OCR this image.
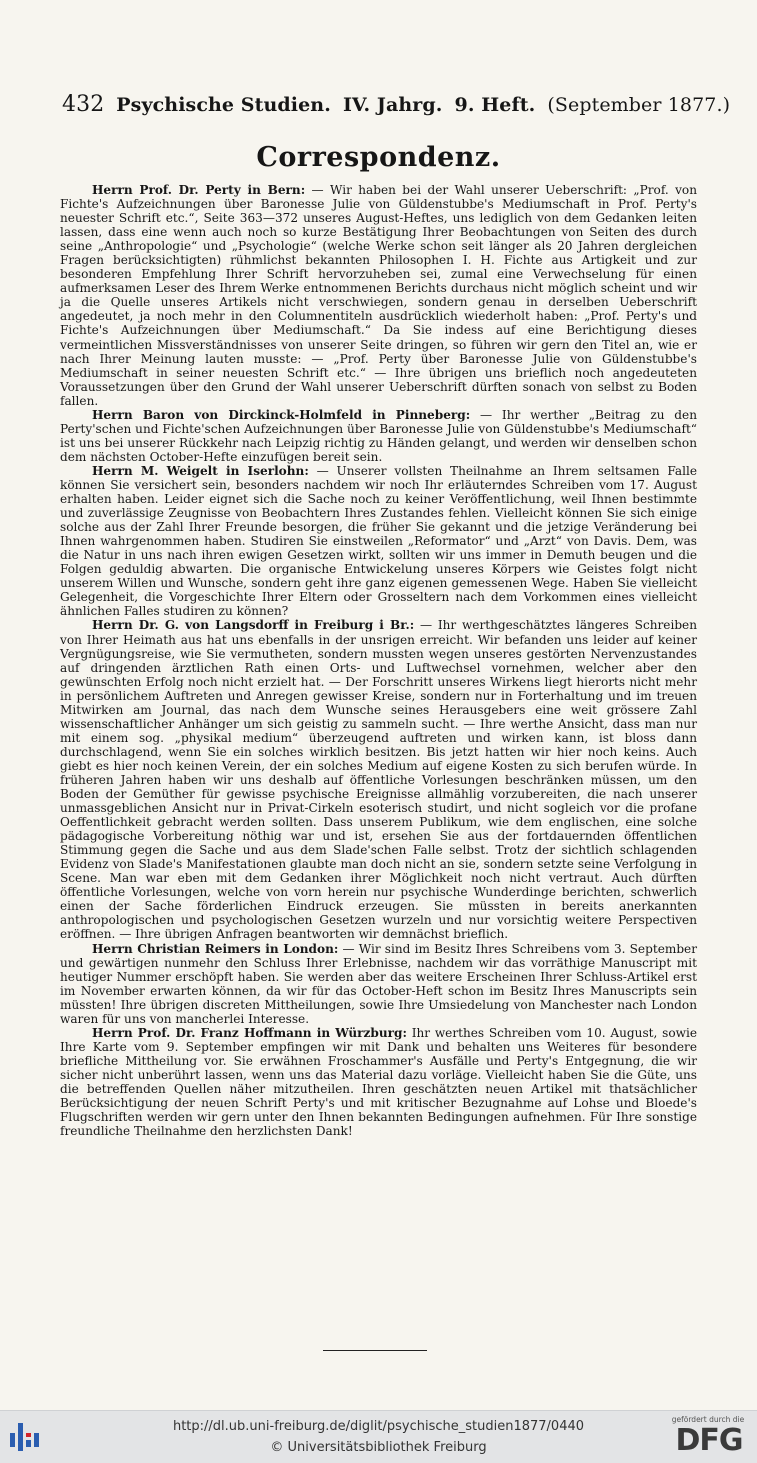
432 Psychische Studien. IV. Jahrg. 9. Heft. (September 1877.)
Correspondenz.

Herrn Prof. Dr. Perty in Bern: — Wir haben bei der Wahl unserer Ueberschrift: „Prof. von Fichte's Aufzeichnungen über Baronesse Julie von Güldenstubbe's Mediumschaft in Prof. Perty's neuester Schrift etc.“, Seite 363—372 unseres August-Heftes, uns lediglich von dem Gedanken leiten lassen, dass eine wenn auch noch so kurze Bestätigung Ihrer Beobachtungen von Seiten des durch seine „Anthropologie“ und „Psychologie“ (welche Werke schon seit länger als 20 Jahren dergleichen Fragen berücksichtigten) rühmlichst bekannten Philosophen I. H. Fichte aus Artigkeit und zur besonderen Empfehlung Ihrer Schrift hervorzuheben sei, zumal eine Verwechselung für einen aufmerksamen Leser des Ihrem Werke entnommenen Berichts durchaus nicht möglich scheint und wir ja die Quelle unseres Artikels nicht verschwiegen, sondern genau in derselben Ueberschrift angedeutet, ja noch mehr in den Columnentiteln ausdrücklich wiederholt haben: „Prof. Perty's und Fichte's Aufzeichnungen über Mediumschaft.“ Da Sie indess auf eine Berichtigung dieses vermeintlichen Missverständnisses von unserer Seite dringen, so führen wir gern den Titel an, wie er nach Ihrer Meinung lauten musste: — „Prof. Perty über Baronesse Julie von Güldenstubbe's Mediumschaft in seiner neuesten Schrift etc.“ — Ihre übrigen uns brieflich noch angedeuteten Voraussetzungen über den Grund der Wahl unserer Ueberschrift dürften sonach von selbst zu Boden fallen.

Herrn Baron von Dirckinck-Holmfeld in Pinneberg: — Ihr werther „Beitrag zu den Perty'schen und Fichte'schen Aufzeichnungen über Baronesse Julie von Güldenstubbe's Mediumschaft“ ist uns bei unserer Rückkehr nach Leipzig richtig zu Händen gelangt, und werden wir denselben schon dem nächsten October-Hefte einzufügen bereit sein.

Herrn M. Weigelt in Iserlohn: — Unserer vollsten Theilnahme an Ihrem seltsamen Falle können Sie versichert sein, besonders nachdem wir noch Ihr erläuterndes Schreiben vom 17. August erhalten haben. Leider eignet sich die Sache noch zu keiner Veröffentlichung, weil Ihnen bestimmte und zuverlässige Zeugnisse von Beobachtern Ihres Zustandes fehlen. Vielleicht können Sie sich einige solche aus der Zahl Ihrer Freunde besorgen, die früher Sie gekannt und die jetzige Veränderung bei Ihnen wahrgenommen haben. Studiren Sie einstweilen „Reformator“ und „Arzt“ von Davis. Dem, was die Natur in uns nach ihren ewigen Gesetzen wirkt, sollten wir uns immer in Demuth beugen und die Folgen geduldig abwarten. Die organische Entwickelung unseres Körpers wie Geistes folgt nicht unserem Willen und Wunsche, sondern geht ihre ganz eigenen gemessenen Wege. Haben Sie vielleicht Gelegenheit, die Vorgeschichte Ihrer Eltern oder Grosseltern nach dem Vorkommen eines vielleicht ähnlichen Falles studiren zu können?

Herrn Dr. G. von Langsdorff in Freiburg i Br.: — Ihr werthgeschätztes längeres Schreiben von Ihrer Heimath aus hat uns ebenfalls in der unsrigen erreicht. Wir befanden uns leider auf keiner Vergnügungsreise, wie Sie vermutheten, sondern mussten wegen unseres gestörten Nervenzustandes auf dringenden ärztlichen Rath einen Orts- und Luftwechsel vornehmen, welcher aber den gewünschten Erfolg noch nicht erzielt hat. — Der Forschritt unseres Wirkens liegt hierorts nicht mehr in persönlichem Auftreten und Anregen gewisser Kreise, sondern nur in Forterhaltung und im treuen Mitwirken am Journal, das nach dem Wunsche seines Herausgebers eine weit grössere Zahl wissenschaftlicher Anhänger um sich geistig zu sammeln sucht. — Ihre werthe Ansicht, dass man nur mit einem sog. „physikal medium“ überzeugend auftreten und wirken kann, ist bloss dann durchschlagend, wenn Sie ein solches wirklich besitzen. Bis jetzt hatten wir hier noch keins. Auch giebt es hier noch keinen Verein, der ein solches Medium auf eigene Kosten zu sich berufen würde. In früheren Jahren haben wir uns deshalb auf öffentliche Vorlesungen beschränken müssen, um den Boden der Gemüther für gewisse psychische Ereignisse allmählig vorzubereiten, die nach unserer unmassgeblichen Ansicht nur in Privat-Cirkeln esoterisch studirt, und nicht sogleich vor die profane Oeffentlichkeit gebracht werden sollten. Dass unserem Publikum, wie dem englischen, eine solche pädagogische Vorbereitung nöthig war und ist, ersehen Sie aus der fortdauernden öffentlichen Stimmung gegen die Sache und aus dem Slade'schen Falle selbst. Trotz der sichtlich schlagenden Evidenz von Slade's Manifestationen glaubte man doch nicht an sie, sondern setzte seine Verfolgung in Scene. Man war eben mit dem Gedanken ihrer Möglichkeit noch nicht vertraut. Auch dürften öffentliche Vorlesungen, welche von vorn herein nur psychische Wunderdinge berichten, schwerlich einen der Sache förderlichen Eindruck erzeugen. Sie müssten in bereits anerkannten anthropologischen und psychologischen Gesetzen wurzeln und nur vorsichtig weitere Perspectiven eröffnen. — Ihre übrigen Anfragen beantworten wir demnächst brieflich.

Herrn Christian Reimers in London: — Wir sind im Besitz Ihres Schreibens vom 3. September und gewärtigen nunmehr den Schluss Ihrer Erlebnisse, nachdem wir das vorräthige Manuscript mit heutiger Nummer erschöpft haben. Sie werden aber das weitere Erscheinen Ihrer Schluss-Artikel erst im November erwarten können, da wir für das October-Heft schon im Besitz Ihres Manuscripts sein müssten! Ihre übrigen discreten Mittheilungen, sowie Ihre Umsiedelung von Manchester nach London waren für uns von mancherlei Interesse.

Herrn Prof. Dr. Franz Hoffmann in Würzburg: Ihr werthes Schreiben vom 10. August, sowie Ihre Karte vom 9. September empfingen wir mit Dank und behalten uns Weiteres für besondere briefliche Mittheilung vor. Sie erwähnen Froschammer's Ausfälle und Perty's Entgegnung, die wir sicher nicht unberührt lassen, wenn uns das Material dazu vorläge. Vielleicht haben Sie die Güte, uns die betreffenden Quellen näher mitzutheilen. Ihren geschätzten neuen Artikel mit thatsächlicher Berücksichtigung der neuen Schrift Perty's und mit kritischer Bezugnahme auf Lohse und Bloede's Flugschriften werden wir gern unter den Ihnen bekannten Bedingungen aufnehmen. Für Ihre sonstige freundliche Theilnahme den herzlichsten Dank!

http://dl.ub.uni-freiburg.de/diglit/psychische_studien1877/0440
© Universitätsbibliothek Freiburg
gefördert durch die
DFG
